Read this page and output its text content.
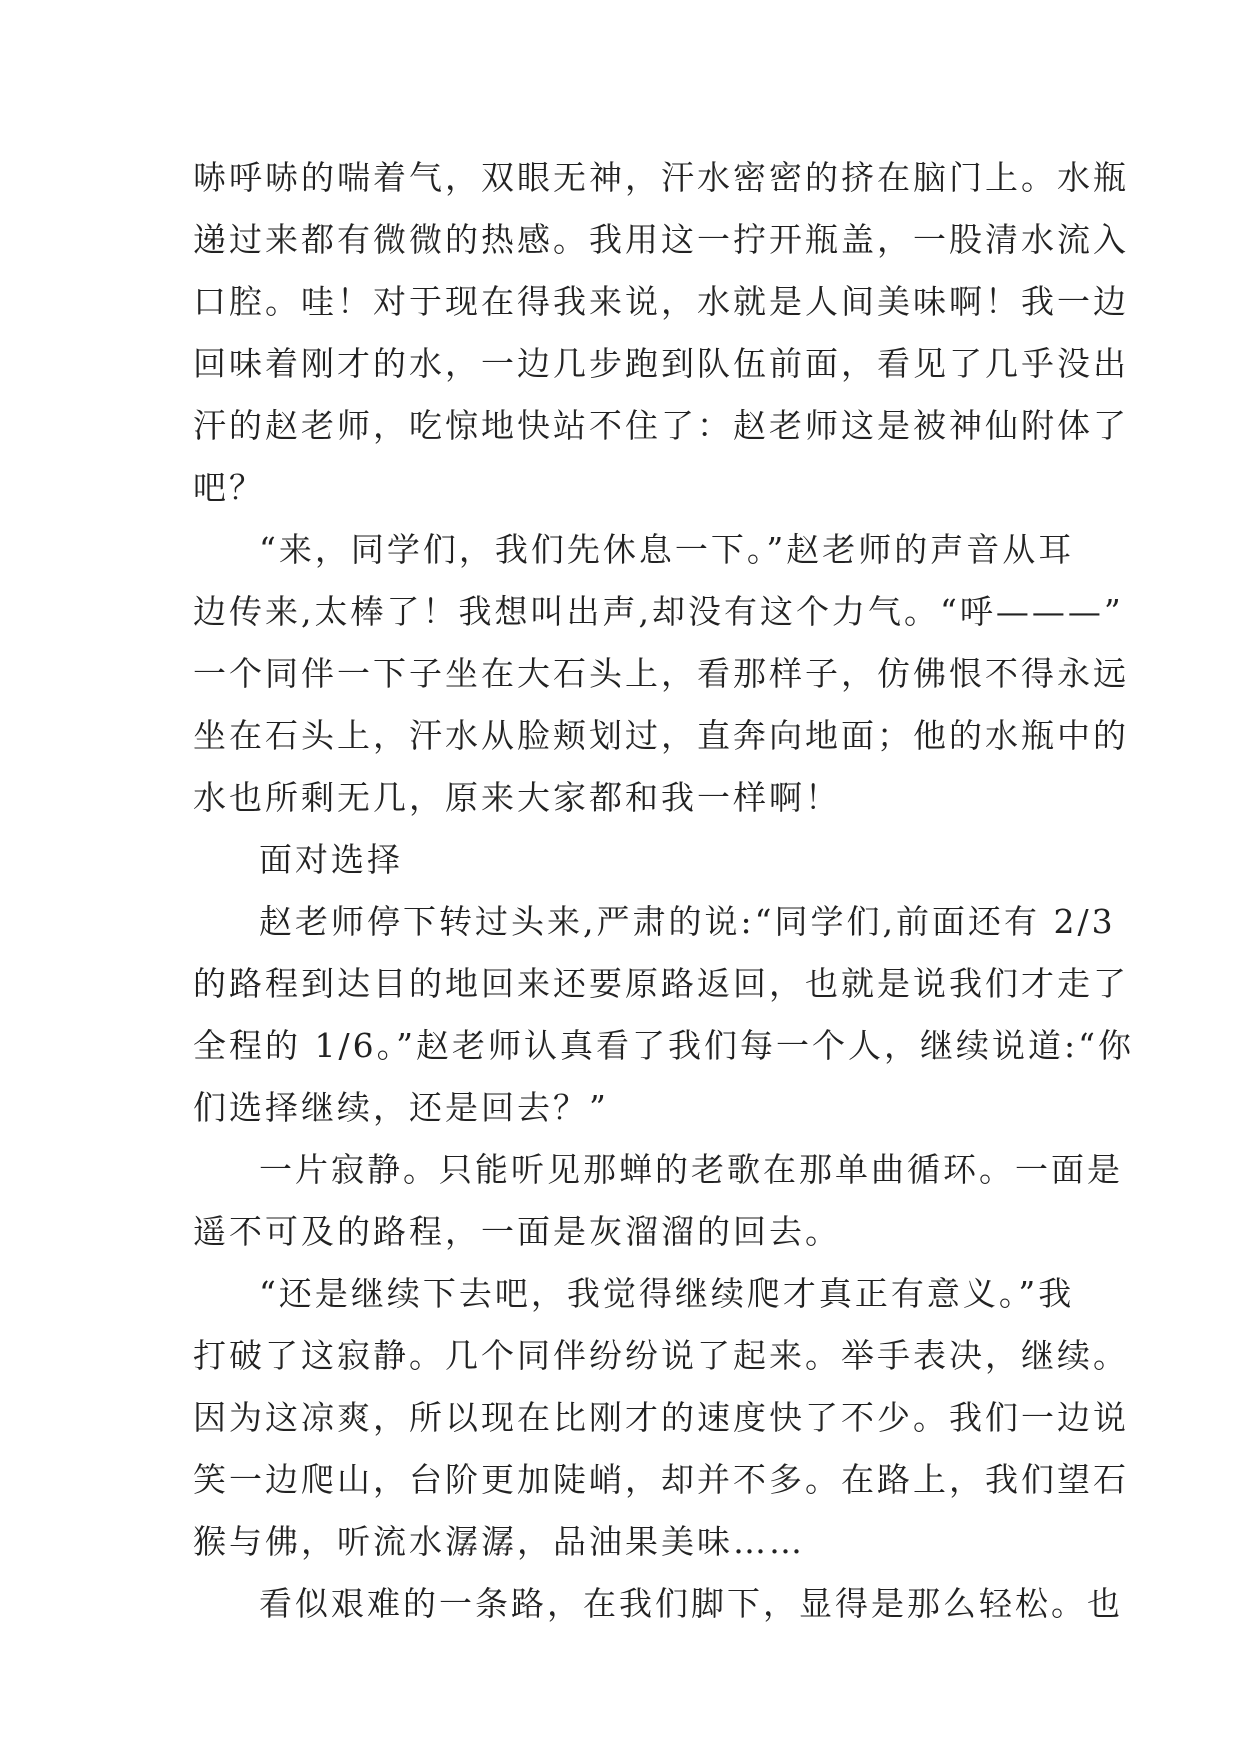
哧呼哧的喘着气，双眼无神，汗水密密的挤在脑门上。水瓶
递过来都有微微的热感。我用这一拧开瓶盖，一股清水流入
口腔。哇！对于现在得我来说，水就是人间美味啊！我一边
回味着刚才的水，一边几步跑到队伍前面，看见了几乎没出
汗的赵老师，吃惊地快站不住了：赵老师这是被神仙附体了
吧？
“来，同学们，我们先休息一下。”赵老师的声音从耳
边传来,太棒了！我想叫出声,却没有这个力气。“呼———”
一个同伴一下子坐在大石头上，看那样子，仿佛恨不得永远
坐在石头上，汗水从脸颊划过，直奔向地面；他的水瓶中的
水也所剩无几，原来大家都和我一样啊！
面对选择
赵老师停下转过头来,严肃的说:“同学们,前面还有 2/3
的路程到达目的地回来还要原路返回，也就是说我们才走了
全程的 1/6。”赵老师认真看了我们每一个人，继续说道:“你
们选择继续，还是回去？”
一片寂静。只能听见那蝉的老歌在那单曲循环。一面是
遥不可及的路程，一面是灰溜溜的回去。
“还是继续下去吧，我觉得继续爬才真正有意义。”我
打破了这寂静。几个同伴纷纷说了起来。举手表决，继续。
因为这凉爽，所以现在比刚才的速度快了不少。我们一边说
笑一边爬山，台阶更加陡峭，却并不多。在路上，我们望石
猴与佛，听流水潺潺，品油果美味……
看似艰难的一条路，在我们脚下，显得是那么轻松。也
